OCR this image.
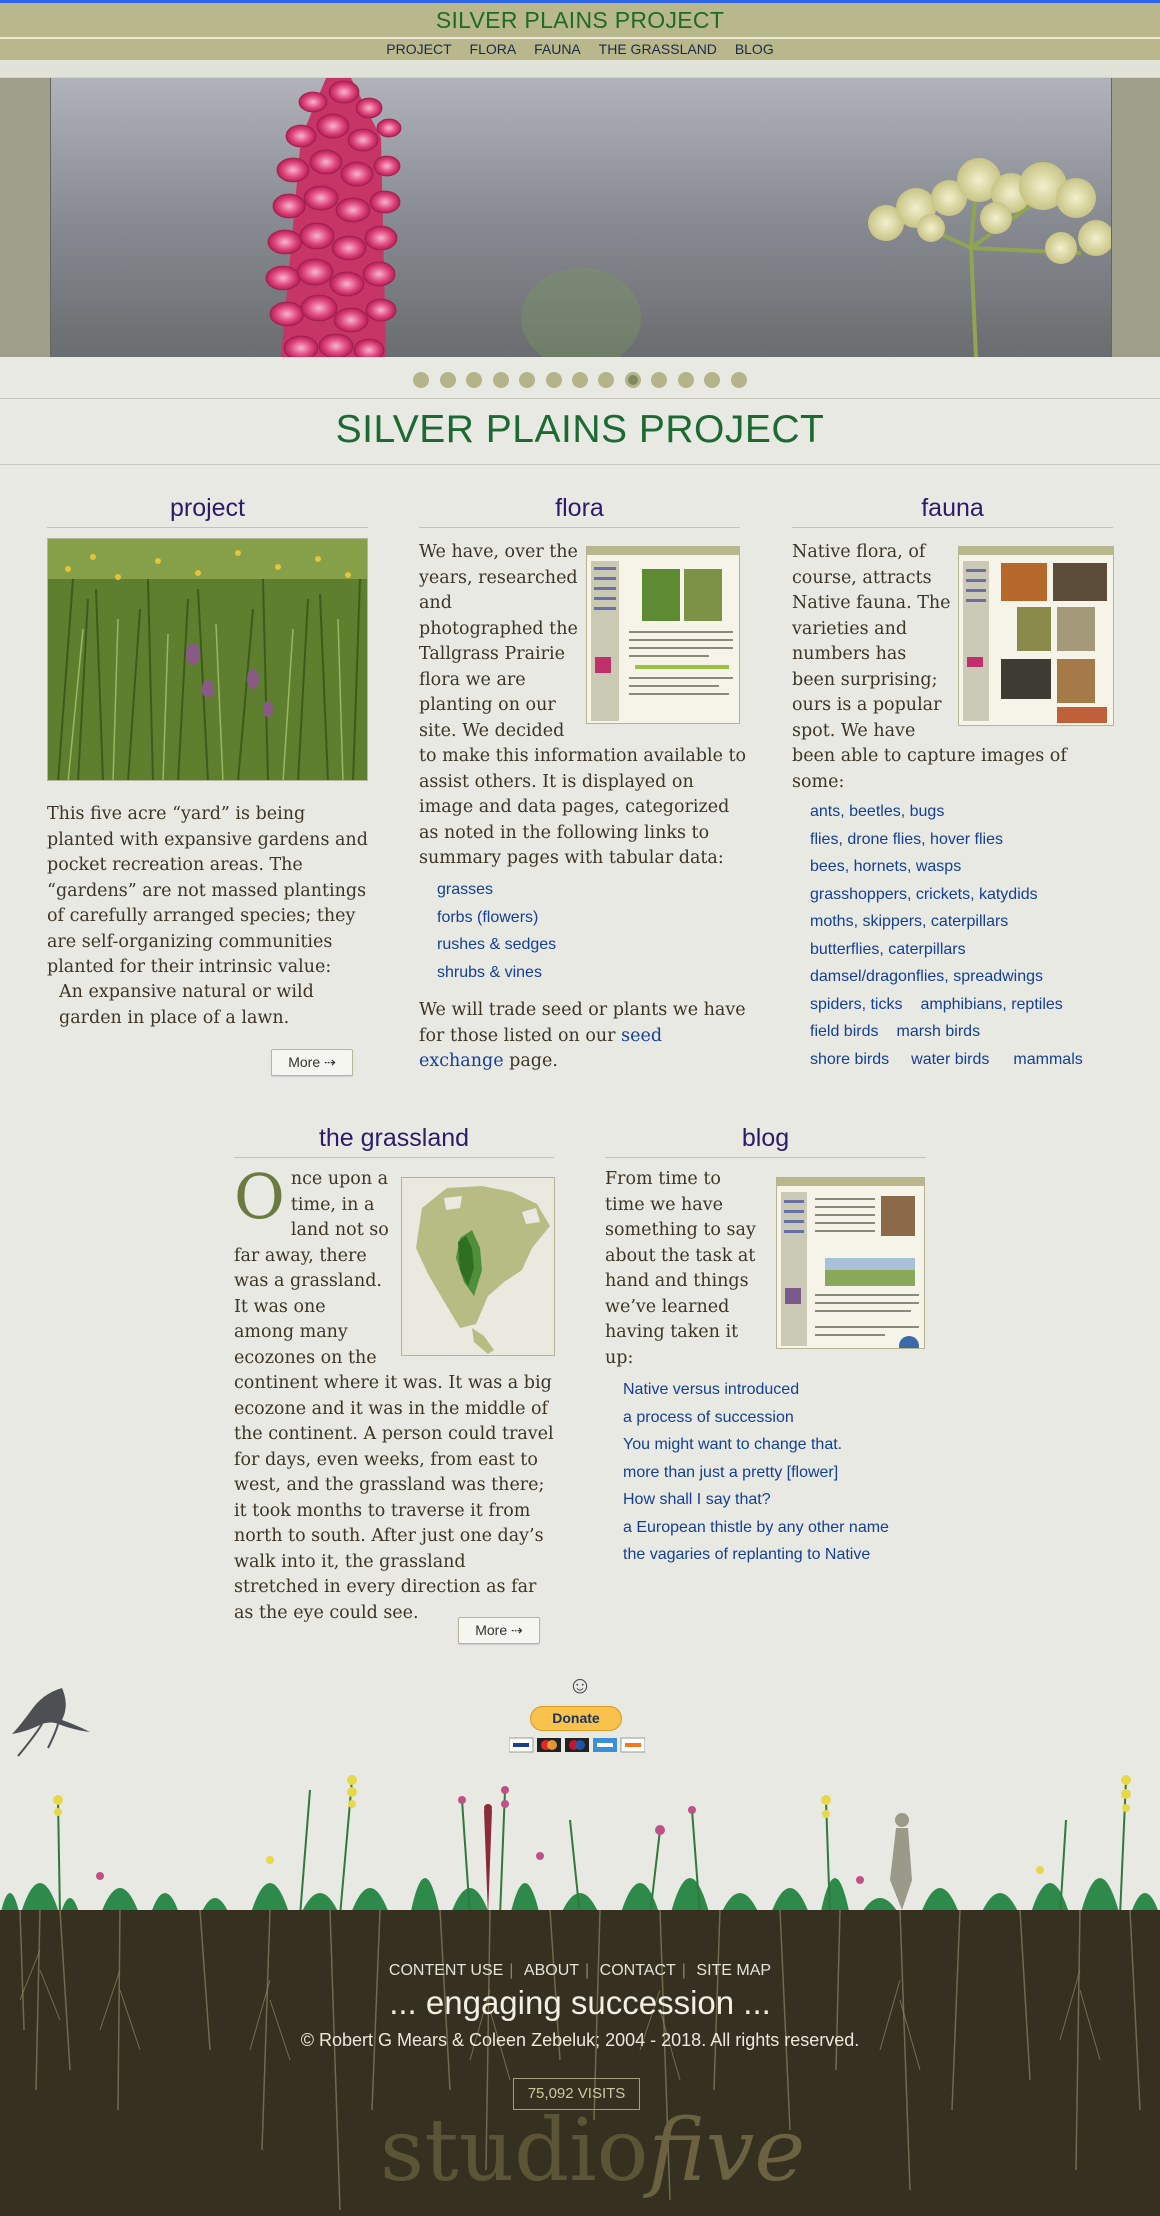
SILVER PLAINS PROJECT
PROJECT FLORA FAUNA THE GRASSLAND BLOG

SILVER PLAINS PROJECT
project
This five acre “yard” is being planted with expansive gardens and pocket recreation areas. The “gardens” are not massed plantings of carefully arranged species; they are self-organizing communities planted for their intrinsic value:
An expansive natural or wild garden in place of a lawn.
More ⇢
flora
We have, over the years, researched and photographed the Tallgrass Prairie flora we are planting on our site. We decided to make this information available to assist others. It is displayed on image and data pages, categorized as noted in the following links to summary pages with tabular data:
grasses
forbs (flowers)
rushes & sedges
shrubs & vines
We will trade seed or plants we have for those listed on our seed exchange page.
fauna
Native flora, of course, attracts Native fauna. The varieties and numbers has been surprising; ours is a popular spot. We have been able to capture images of some:
ants, beetles, bugs
flies, drone flies, hover flies
bees, hornets, wasps
grasshoppers, crickets, katydids
moths, skippers, caterpillars
butterflies, caterpillars
damsel/dragonflies, spreadwings
spiders, ticks amphibians, reptiles
field birds marsh birds
shore birds water birds mammals
the grassland
O nce upon a time, in a land not so far away, there was a grassland. It was one among many ecozones on the continent where it was. It was a big ecozone and it was in the middle of the continent. A person could travel for days, even weeks, from east to west, and the grassland was there; it took months to traverse it from north to south. After just one day’s walk into it, the grassland stretched in every direction as far as the eye could see.
More ⇢
blog
From time to time we have something to say about the task at hand and things we’ve learned having taken it up:
Native versus introduced
a process of succession
You might want to change that.
more than just a pretty [flower]
How shall I say that?
a European thistle by any other name
the vagaries of replanting to Native
☺
Donate
CONTENT USE | ABOUT | CONTACT | SITE MAP
... engaging succession ...
© Robert G Mears & Coleen Zebeluk; 2004 - 2018. All rights reserved.
75,092 VISITS
studiofive
